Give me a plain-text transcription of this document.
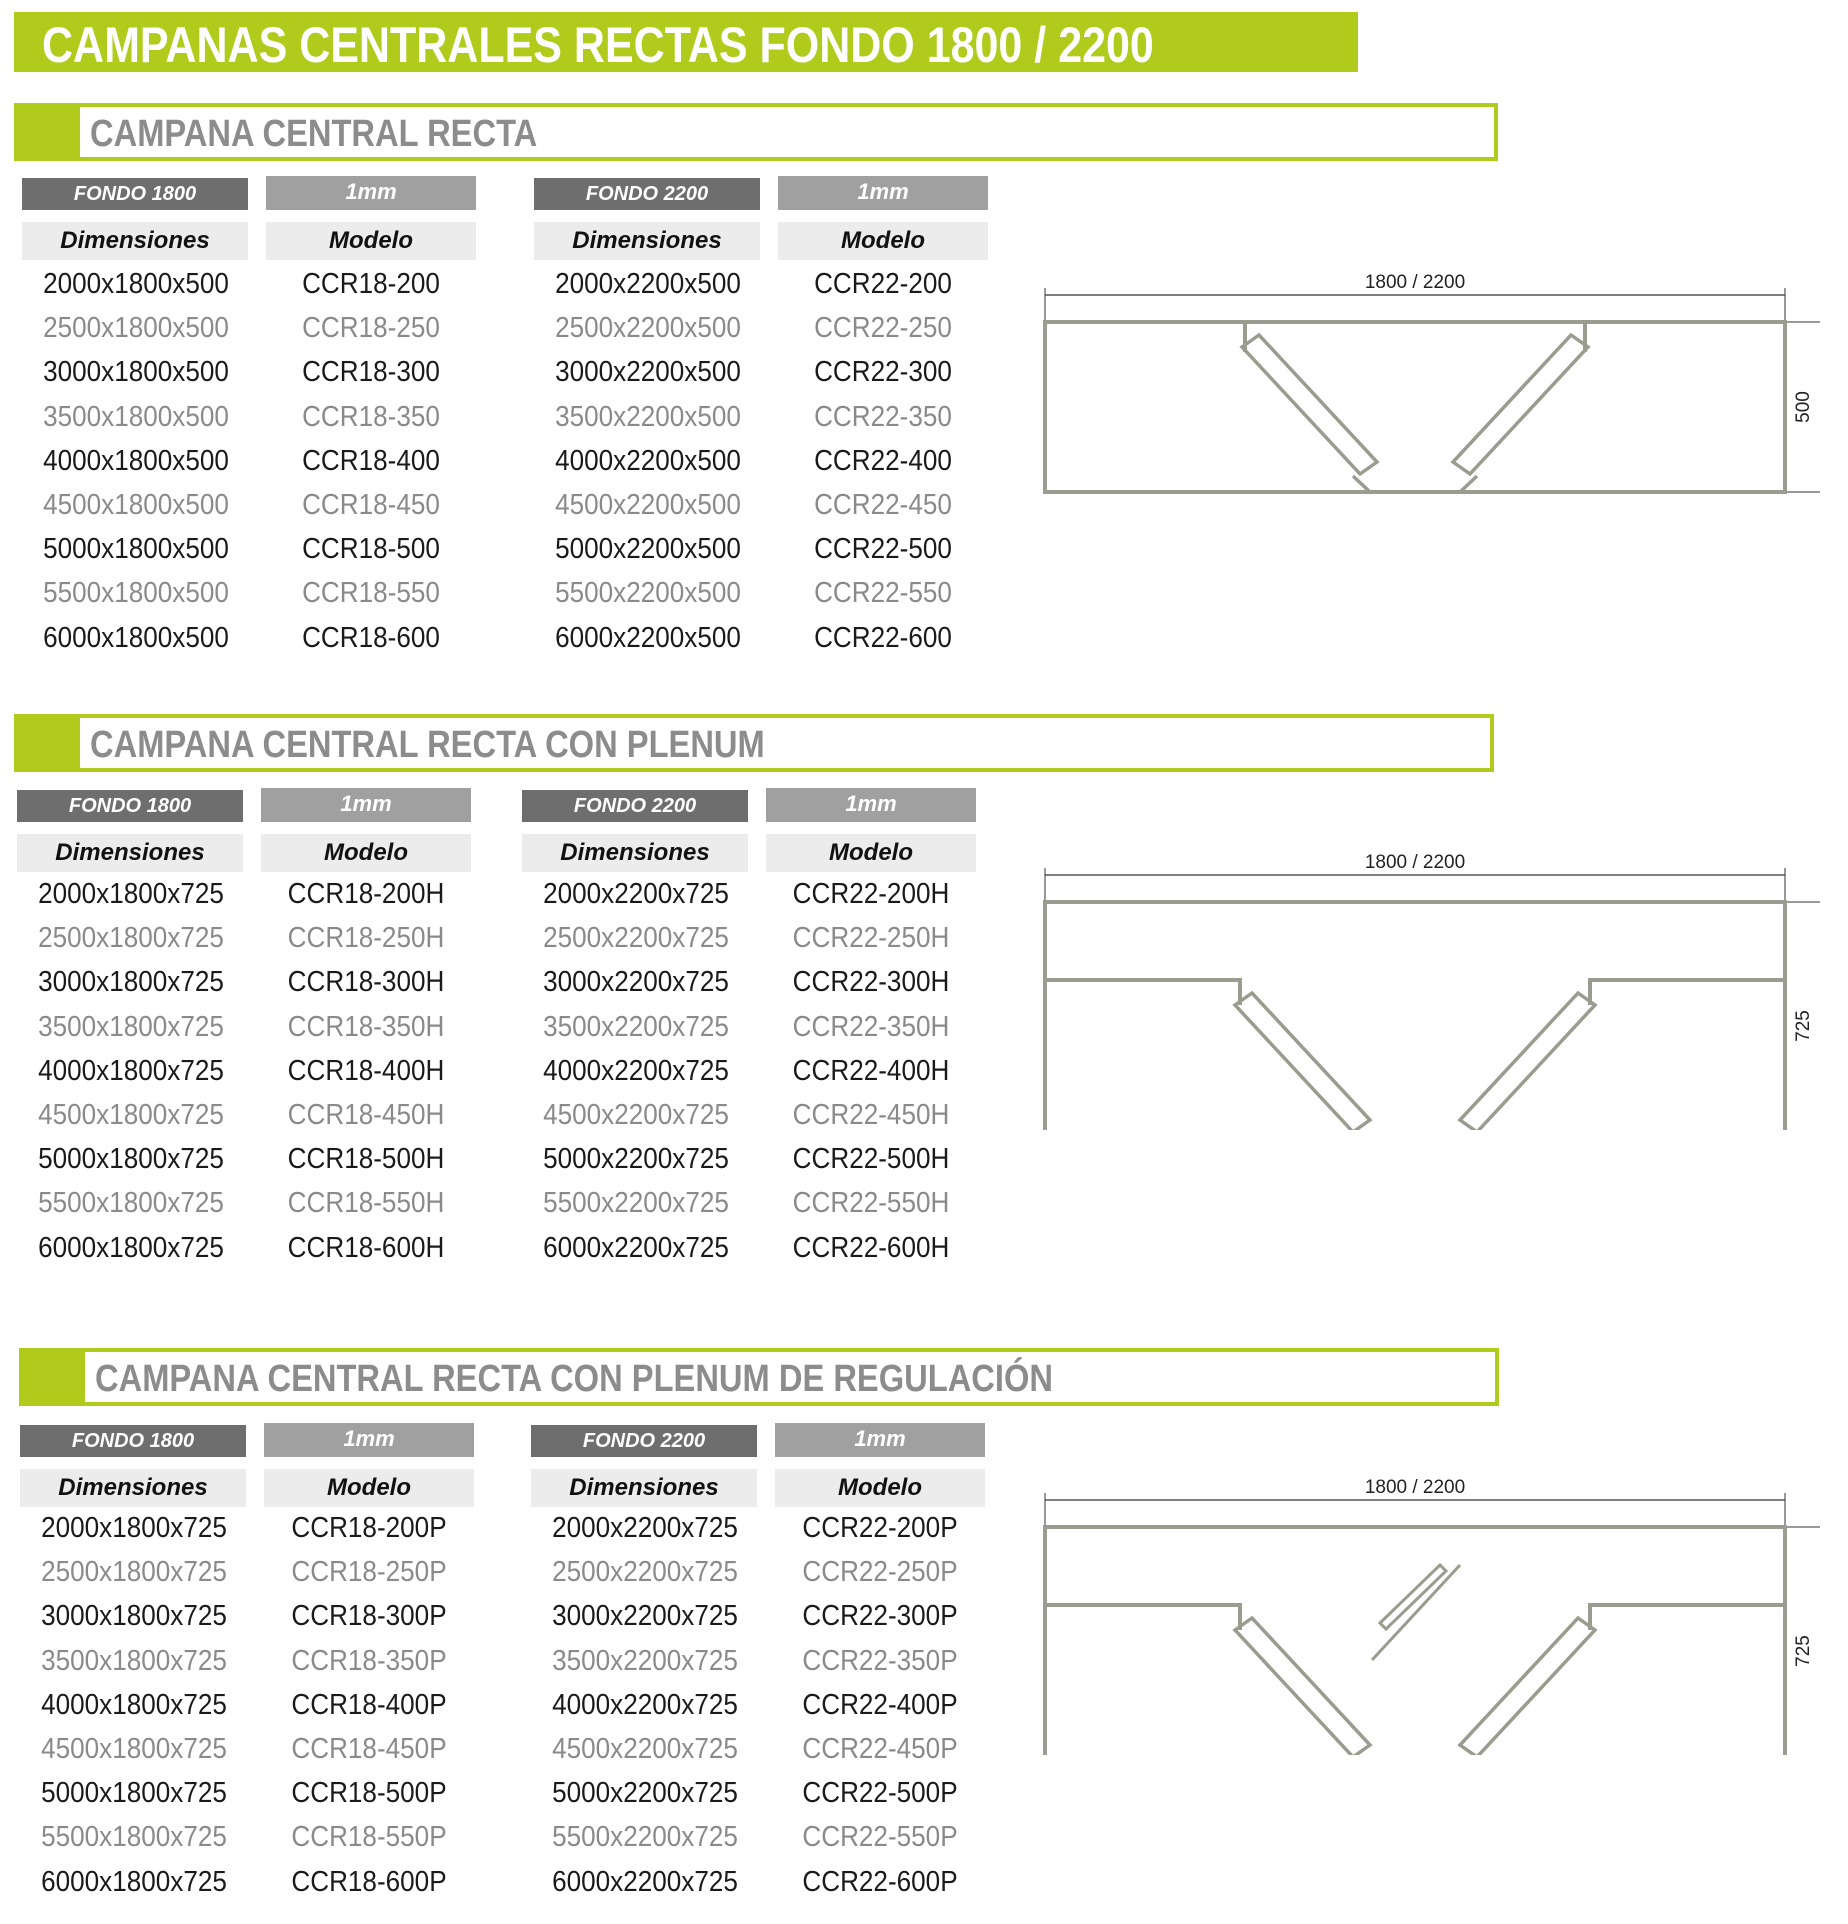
CAMPANAS CENTRALES RECTAS FONDO 1800 / 2200
CAMPANA CENTRAL RECTA
FONDO 1800	1mm
Dimensiones	Modelo
2000x1800x500	CCR18-200
2500x1800x500	CCR18-250
3000x1800x500	CCR18-300
3500x1800x500	CCR18-350
4000x1800x500	CCR18-400
4500x1800x500	CCR18-450
5000x1800x500	CCR18-500
5500x1800x500	CCR18-550
6000x1800x500	CCR18-600
FONDO 2200	1mm
Dimensiones	Modelo
2000x2200x500	CCR22-200
2500x2200x500	CCR22-250
3000x2200x500	CCR22-300
3500x2200x500	CCR22-350
4000x2200x500	CCR22-400
4500x2200x500	CCR22-450
5000x2200x500	CCR22-500
5500x2200x500	CCR22-550
6000x2200x500	CCR22-600
1800 / 2200
500
CAMPANA CENTRAL RECTA CON PLENUM
FONDO 1800	1mm
Dimensiones	Modelo
2000x1800x725	CCR18-200H
2500x1800x725	CCR18-250H
3000x1800x725	CCR18-300H
3500x1800x725	CCR18-350H
4000x1800x725	CCR18-400H
4500x1800x725	CCR18-450H
5000x1800x725	CCR18-500H
5500x1800x725	CCR18-550H
6000x1800x725	CCR18-600H
FONDO 2200	1mm
Dimensiones	Modelo
2000x2200x725	CCR22-200H
2500x2200x725	CCR22-250H
3000x2200x725	CCR22-300H
3500x2200x725	CCR22-350H
4000x2200x725	CCR22-400H
4500x2200x725	CCR22-450H
5000x2200x725	CCR22-500H
5500x2200x725	CCR22-550H
6000x2200x725	CCR22-600H
1800 / 2200
725
CAMPANA CENTRAL RECTA CON PLENUM DE REGULACIÓN
FONDO 1800	1mm
Dimensiones	Modelo
2000x1800x725	CCR18-200P
2500x1800x725	CCR18-250P
3000x1800x725	CCR18-300P
3500x1800x725	CCR18-350P
4000x1800x725	CCR18-400P
4500x1800x725	CCR18-450P
5000x1800x725	CCR18-500P
5500x1800x725	CCR18-550P
6000x1800x725	CCR18-600P
FONDO 2200	1mm
Dimensiones	Modelo
2000x2200x725	CCR22-200P
2500x2200x725	CCR22-250P
3000x2200x725	CCR22-300P
3500x2200x725	CCR22-350P
4000x2200x725	CCR22-400P
4500x2200x725	CCR22-450P
5000x2200x725	CCR22-500P
5500x2200x725	CCR22-550P
6000x2200x725	CCR22-600P
1800 / 2200
725
